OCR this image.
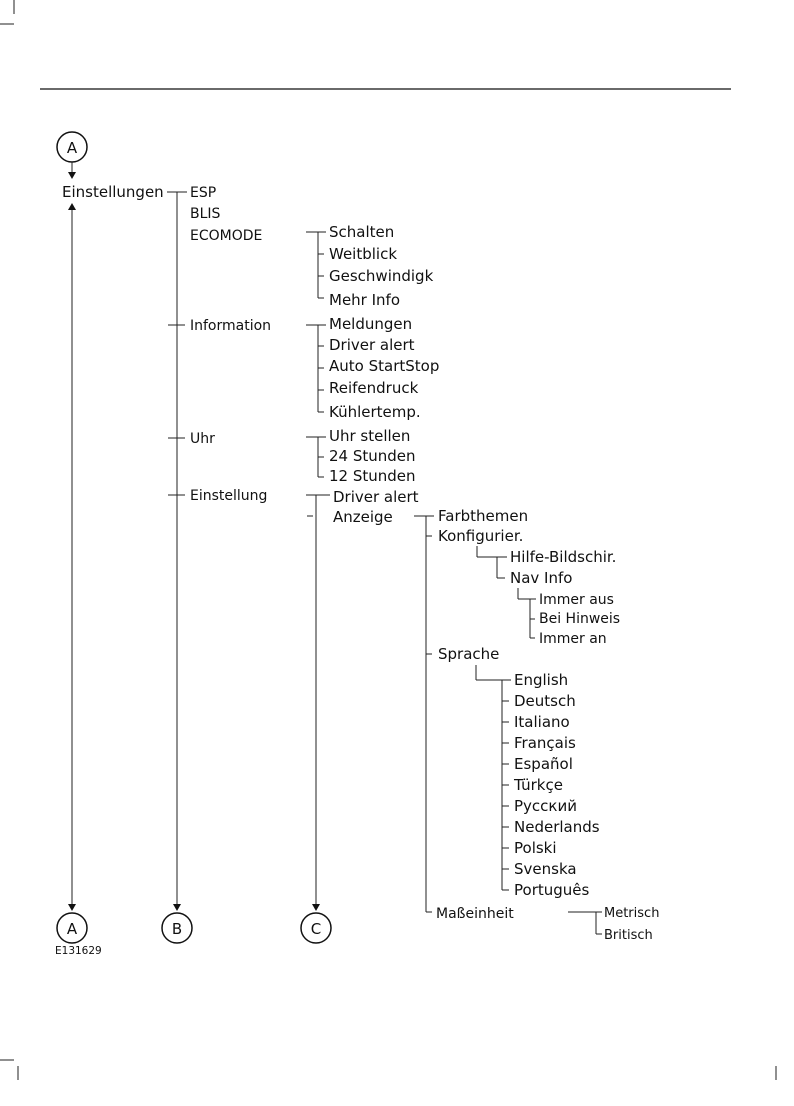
A
Einstellungen ESP
BLIS
ECOMODE
Information
Uhr
Einstellung
Schalten
Weitblick
Geschwindigk
Mehr Info
Meldungen
Driver alert
Auto StartStop
Reifendruck
Kühlertemp.
Uhr stellen
24 Stunden
12 Stunden
Driver alert
Anzeige	Farbthemen
Konfigurier.
Sprache
Maßeinheit
Hilfe-Bildschir.
Nav Info
Immer aus
Bei Hinweis
Immer an
English
Deutsch
Italiano
Français
Español
Türkçe
Русский
Nederlands
Polski
Svenska
Português
Metrisch
Britisch
A	B	C
E131629
